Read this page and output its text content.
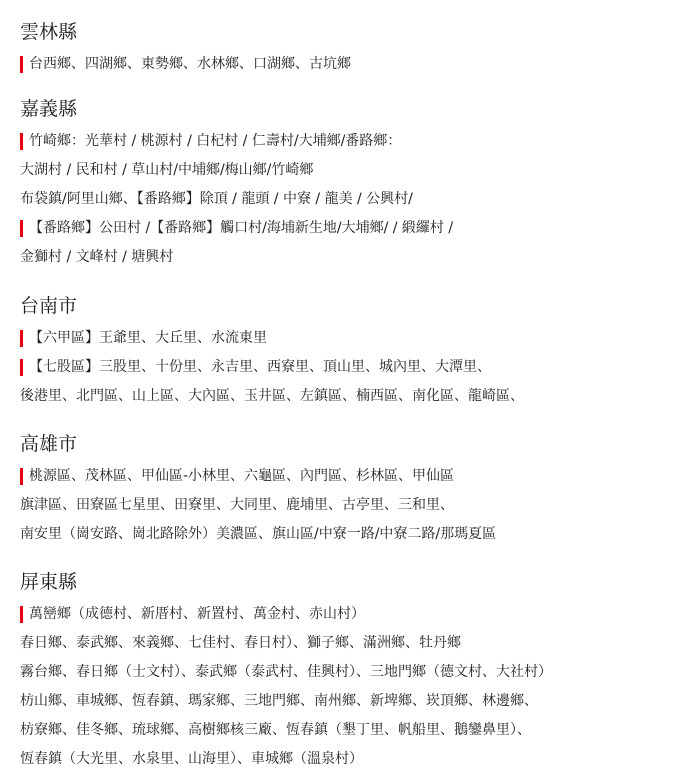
雲林縣
台西鄉、四湖鄉、東勢鄉、水林鄉、口湖鄉、古坑鄉
嘉義縣
竹崎鄉：光華村 / 桃源村 / 白杞村 / 仁壽村/大埔鄉/番路鄉：
大湖村 / 民和村 / 草山村/中埔鄉/梅山鄉/竹崎鄉
布袋鎮/阿里山鄉、【番路鄉】除頂 / 龍頭 / 中寮 / 龍美 / 公興村/
【番路鄉】公田村 /【番路鄉】觸口村/海埔新生地/大埔鄉/ / 緞纙村 /
金獅村 / 文峰村 / 塘興村
台南市
【六甲區】王爺里、大丘里、水流東里
【七股區】三股里、十份里、永吉里、西寮里、頂山里、城內里、大潭里、
後港里、北門區、山上區、大內區、玉井區、左鎮區、楠西區、南化區、龍崎區、
高雄市
桃源區、茂林區、甲仙區-小林里、六龜區、內門區、杉林區、甲仙區
旗津區、田寮區七星里、田寮里、大同里、鹿埔里、古亭里、三和里、
南安里（崗安路、崗北路除外）美濃區、旗山區/中寮一路/中寮二路/那瑪夏區
屏東縣
萬巒鄉（成德村、新厝村、新置村、萬金村、赤山村）
春日鄉、泰武鄉、來義鄉、七佳村、春日村）、獅子鄉、滿洲鄉、牡丹鄉
霧台鄉、春日鄉（士文村）、泰武鄉（泰武村、佳興村）、三地門鄉（德文村、大社村）
枋山鄉、車城鄉、恆春鎮、瑪家鄉、三地門鄉、南州鄉、新埤鄉、崁頂鄉、林邊鄉、
枋寮鄉、佳冬鄉、琉球鄉、高樹鄉核三廠、恆春鎮（墾丁里、帆船里、鵝鑾鼻里）、
恆春鎮（大光里、水泉里、山海里）、車城鄉（溫泉村）
